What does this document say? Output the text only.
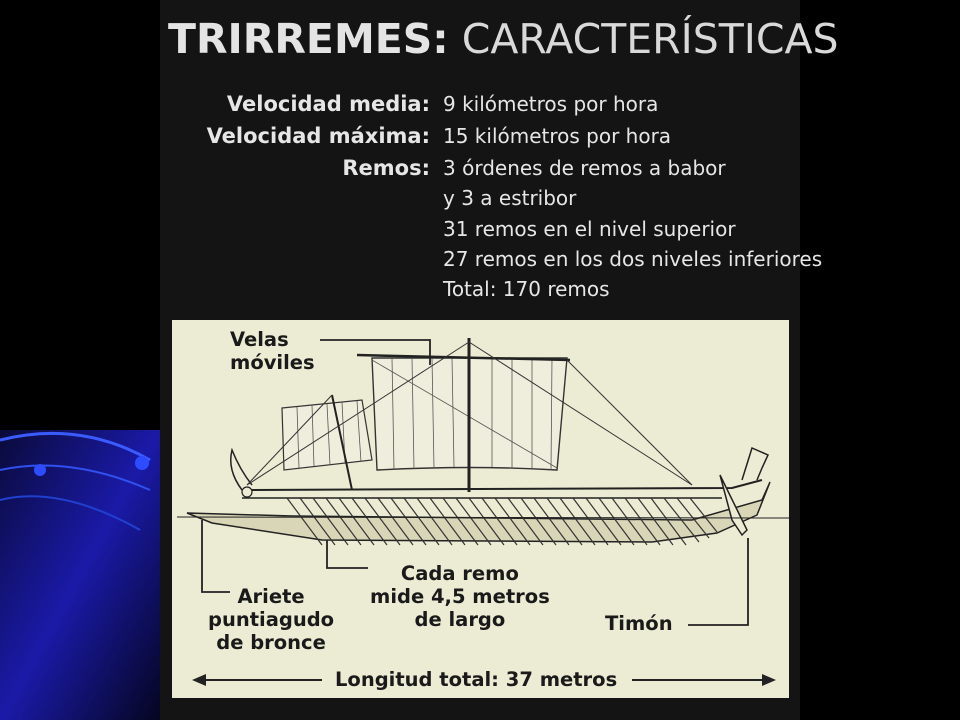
TRIRREMES: CARACTERÍSTICAS
Velocidad media: 9 kilómetros por hora
Velocidad máxima: 15 kilómetros por hora
Remos: 3 órdenes de remos a babor
y 3 a estribor
31 remos en el nivel superior
27 remos en los dos niveles inferiores
Total: 170 remos
Velas
móviles
Cada remo
mide 4,5 metros
de largo
Ariete
puntiagudo
de bronce
Timón
Longitud total: 37 metros
